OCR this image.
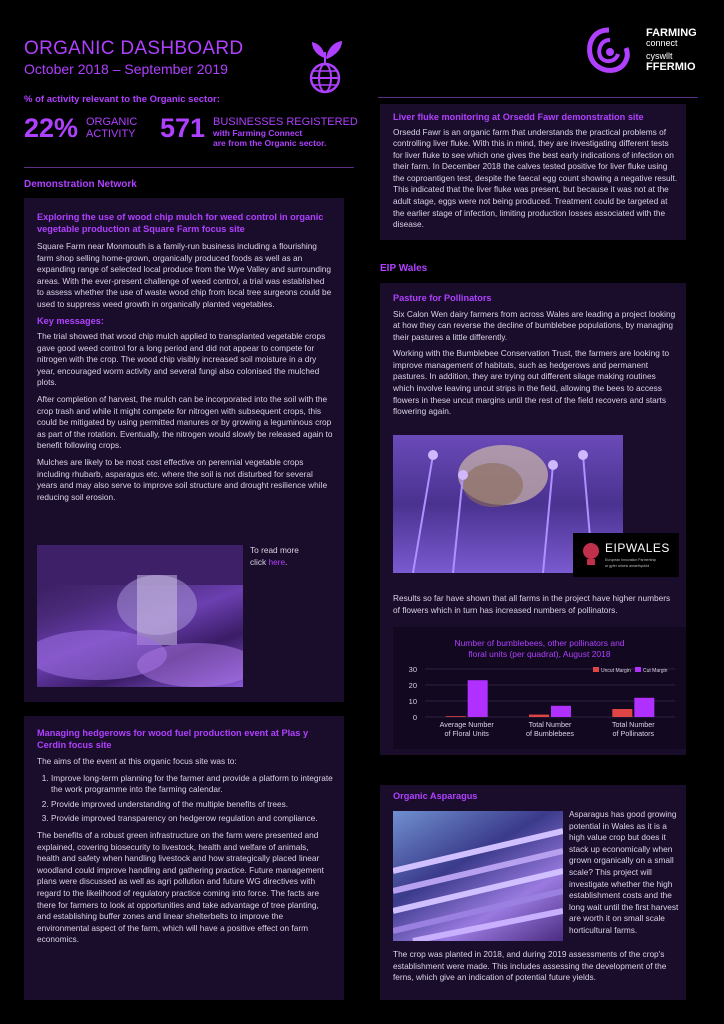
ORGANIC DASHBOARD
October 2018 – September 2019
FARMING
connect
cyswllt
FFERMIO
% of activity relevant to the Organic sector:
22% ORGANIC
ACTIVITY 571 BUSINESSES REGISTERED
with Farming Connect
are from the Organic sector.
Demonstration Network
Exploring the use of wood chip mulch for weed control in organic vegetable production at Square Farm focus site

Square Farm near Monmouth is a family-run business including a flourishing farm shop selling home-grown, organically produced foods as well as an expanding range of selected local produce from the Wye Valley and surrounding areas. With the ever-present challenge of weed control, a trial was established to assess whether the use of waste wood chip from local tree surgeons could be used to suppress weed growth in organically planted vegetables.

Key messages:

The trial showed that wood chip mulch applied to transplanted vegetable crops gave good weed control for a long period and did not appear to compete for nitrogen with the crop. The wood chip visibly increased soil moisture in a dry year, encouraged worm activity and several fungi also colonised the mulched plots.

After completion of harvest, the mulch can be incorporated into the soil with the crop trash and while it might compete for nitrogen with subsequent crops, this could be mitigated by using permitted manures or by growing a leguminous crop as part of the rotation. Eventually, the nitrogen would slowly be released again to benefit following crops.

Mulches are likely to be most cost effective on perennial vegetable crops including rhubarb, asparagus etc. where the soil is not disturbed for several years and may also serve to improve soil structure and drought resilience while reducing soil erosion.

To read more
click here.
Managing hedgerows for wood fuel production event at Plas y Cerdin focus site

The aims of the event at this organic focus site was to:

1. Improve long-term planning for the farmer and provide a platform to integrate the work programme into the farming calendar.
2. Provide improved understanding of the multiple benefits of trees.
3. Provide improved transparency on hedgerow regulation and compliance.

The benefits of a robust green infrastructure on the farm were presented and explained, covering biosecurity to livestock, health and welfare of animals, health and safety when handling livestock and how strategically placed linear woodland could improve handling and gathering practice. Future management plans were discussed as well as agri pollution and future WG directives with regard to the likelihood of regulatory practice coming into force. The facts are there for farmers to look at opportunities and take advantage of tree planting, and establishing buffer zones and linear shelterbelts to improve the environmental aspect of the farm, which will have a positive effect on farm economics.

Liver fluke monitoring at Orsedd Fawr demonstration site

Orsedd Fawr is an organic farm that understands the practical problems of controlling liver fluke. With this in mind, they are investigating different tests for liver fluke to see which one gives the best early indications of infection on their farm. In December 2018 the calves tested positive for liver fluke using the coproantigen test, despite the faecal egg count showing a negative result. This indicated that the liver fluke was present, but because it was not at the adult stage, eggs were not being produced. Treatment could be targeted at the earlier stage of infection, limiting production losses associated with the disease.

EIP Wales
Pasture for Pollinators

Six Calon Wen dairy farmers from across Wales are leading a project looking at how they can reverse the decline of bumblebee populations, by managing their pastures a little differently.

Working with the Bumblebee Conservation Trust, the farmers are looking to improve management of habitats, such as hedgerows and permanent pastures. In addition, they are trying out different silage making routines which involve leaving uncut strips in the field, allowing the bees to access flowers in these uncut margins until the rest of the field recovers and starts flowering again.

EIPWALES
European Innovation Partnership
ar gyfer arloesi amaethyddol

Results so far have shown that all farms in the project have higher numbers of flowers which in turn has increased numbers of pollinators.

Number of bumblebees, other pollinators and
floral units (per quadrat), August 2018
0
10
20
30
Average Number
of Floral Units
Total Number
of Bumblebees
Total Number
of Pollinators
Uncut Margin Cut Margin
Organic Asparagus

Asparagus has good growing potential in Wales as it is a high value crop but does it stack up economically when grown organically on a small scale? This project will investigate whether the high establishment costs and the long wait until the first harvest are worth it on small scale horticultural farms.

The crop was planted in 2018, and during 2019 assessments of the crop's establishment were made. This includes assessing the development of the ferns, which give an indication of potential future yields.
